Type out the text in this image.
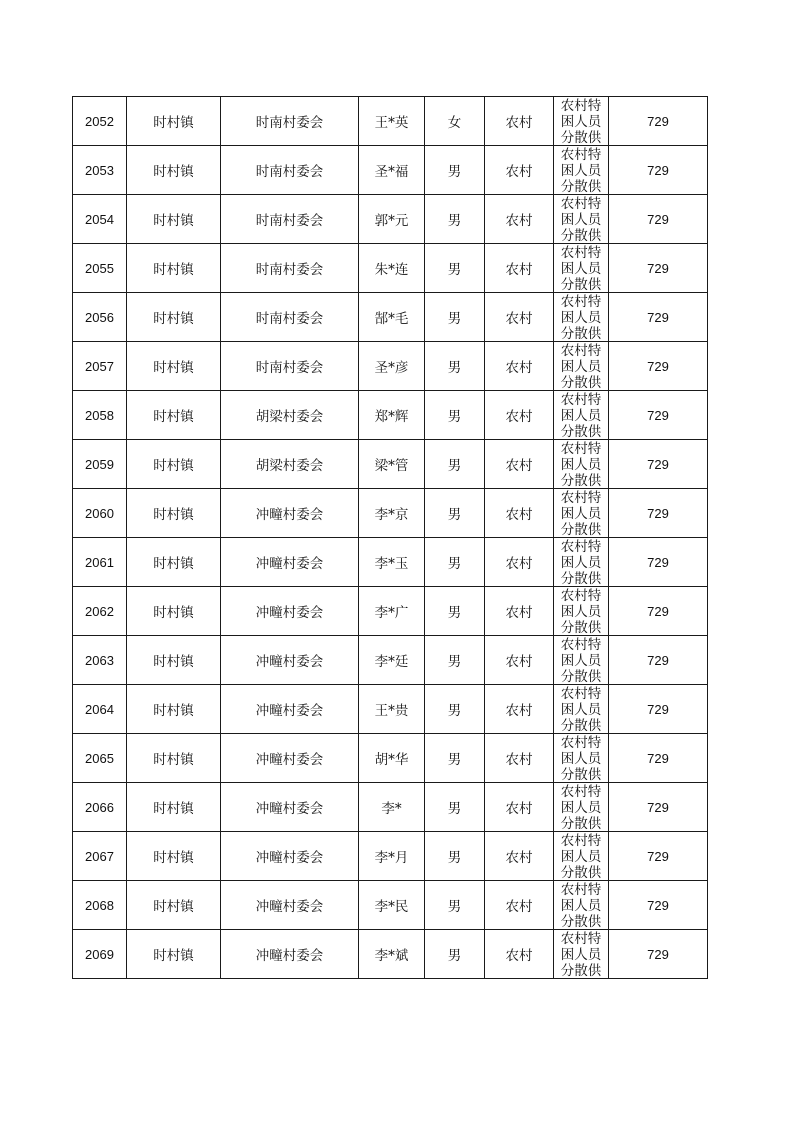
2052	时村镇	时南村委会	王*英	女	农村	农村特
困人员
分散供	729
2053	时村镇	时南村委会	圣*福	男	农村	农村特
困人员
分散供	729
2054	时村镇	时南村委会	郭*元	男	农村	农村特
困人员
分散供	729
2055	时村镇	时南村委会	朱*连	男	农村	农村特
困人员
分散供	729
2056	时村镇	时南村委会	郜*毛	男	农村	农村特
困人员
分散供	729
2057	时村镇	时南村委会	圣*彦	男	农村	农村特
困人员
分散供	729
2058	时村镇	胡梁村委会	郑*辉	男	农村	农村特
困人员
分散供	729
2059	时村镇	胡梁村委会	梁*管	男	农村	农村特
困人员
分散供	729
2060	时村镇	冲疃村委会	李*京	男	农村	农村特
困人员
分散供	729
2061	时村镇	冲疃村委会	李*玉	男	农村	农村特
困人员
分散供	729
2062	时村镇	冲疃村委会	李*广	男	农村	农村特
困人员
分散供	729
2063	时村镇	冲疃村委会	李*廷	男	农村	农村特
困人员
分散供	729
2064	时村镇	冲疃村委会	王*贵	男	农村	农村特
困人员
分散供	729
2065	时村镇	冲疃村委会	胡*华	男	农村	农村特
困人员
分散供	729
2066	时村镇	冲疃村委会	李*	男	农村	农村特
困人员
分散供	729
2067	时村镇	冲疃村委会	李*月	男	农村	农村特
困人员
分散供	729
2068	时村镇	冲疃村委会	李*民	男	农村	农村特
困人员
分散供	729
2069	时村镇	冲疃村委会	李*斌	男	农村	农村特
困人员
分散供	729
